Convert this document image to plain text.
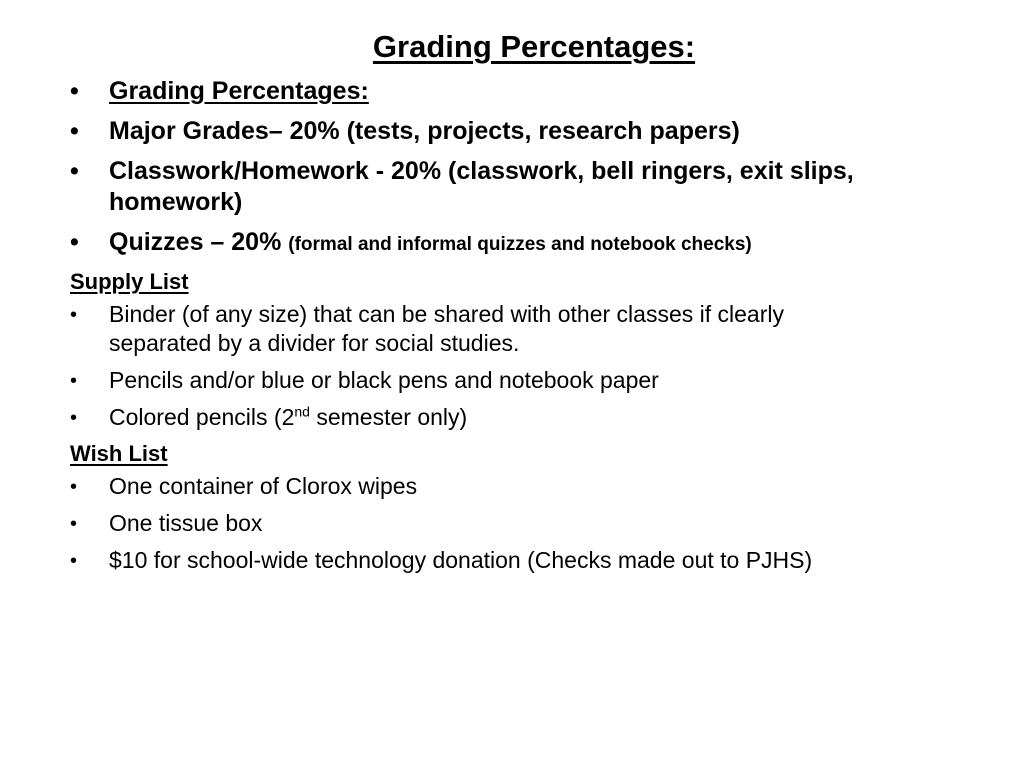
Grading Percentages:
•	Grading Percentages:
•	Major Grades– 20% (tests, projects, research papers)
•	Classwork/Homework - 20% (classwork, bell ringers, exit slips,
homework)
•	Quizzes – 20% (formal and informal quizzes and notebook checks)
Supply List
•	Binder (of any size) that can be shared with other classes if clearly
separated by a divider for social studies.
•	Pencils and/or blue or black pens and notebook paper
•	Colored pencils (2nd semester only)
Wish List
•	One container of Clorox wipes
•	One tissue box
•	$10 for school-wide technology donation (Checks made out to PJHS)
